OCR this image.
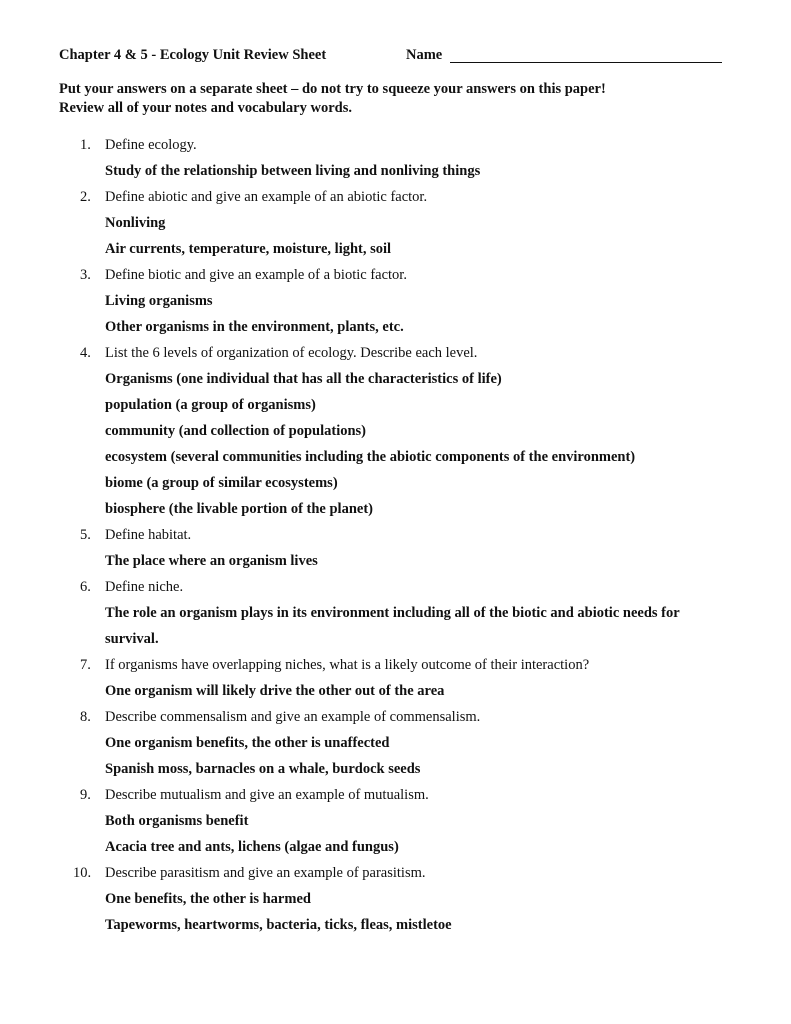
Chapter 4 & 5 - Ecology Unit Review Sheet	Name
Put your answers on a separate sheet – do not try to squeeze your answers on this paper!
Review all of your notes and vocabulary words.
1. Define ecology.
Study of the relationship between living and nonliving things
2. Define abiotic and give an example of an abiotic factor.
Nonliving
Air currents, temperature, moisture, light, soil
3. Define biotic and give an example of a biotic factor.
Living organisms
Other organisms in the environment, plants, etc.
4. List the 6 levels of organization of ecology. Describe each level.
Organisms (one individual that has all the characteristics of life)
population (a group of organisms)
community (and collection of populations)
ecosystem (several communities including the abiotic components of the environment)
biome (a group of similar ecosystems)
biosphere (the livable portion of the planet)
5. Define habitat.
The place where an organism lives
6. Define niche.
The role an organism plays in its environment including all of the biotic and abiotic needs for
survival.
7. If organisms have overlapping niches, what is a likely outcome of their interaction?
One organism will likely drive the other out of the area
8. Describe commensalism and give an example of commensalism.
One organism benefits, the other is unaffected
Spanish moss, barnacles on a whale, burdock seeds
9. Describe mutualism and give an example of mutualism.
Both organisms benefit
Acacia tree and ants, lichens (algae and fungus)
10. Describe parasitism and give an example of parasitism.
One benefits, the other is harmed
Tapeworms, heartworms, bacteria, ticks, fleas, mistletoe
